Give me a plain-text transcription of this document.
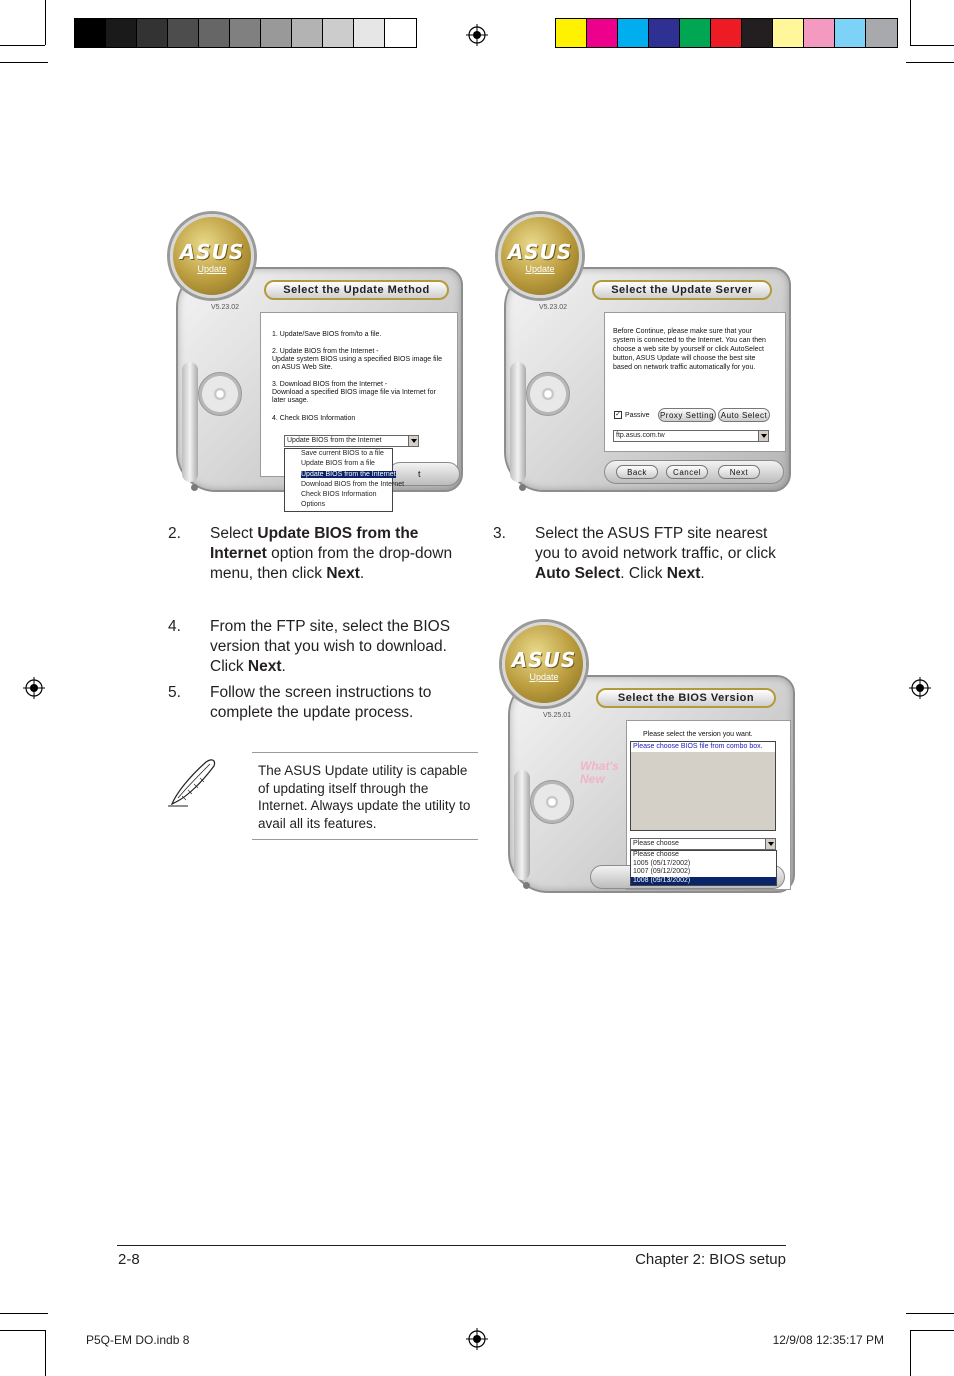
ASUS
Update
V5.23.02
Select the Update Method
1. Update/Save BIOS from/to a file.
2. Update BIOS from the Internet -
Update system BIOS using a specified BIOS image file
on ASUS Web Site.
3. Download BIOS from the Internet -
Download a specified BIOS image file via Internet for
later usage.
4. Check BIOS Information
t
Update BIOS from the Internet
Save current BIOS to a file
Update BIOS from a file
Update BIOS from the Internet
Download BIOS from the Internet
Check BIOS Information
Options
ASUS
Update
V5.23.02
Select the Update Server
Before Continue, please make sure that your
system is connected to the Internet. You can then
choose a web site by yourself or click AutoSelect
button, ASUS Update will choose the best site
based on network traffic automatically for you.
✓ Passive Proxy Setting Auto Select
ftp.asus.com.tw
Back	Cancel	Next
ASUS
Update
V5.25.01
Select the BIOS Version
What's New
Please select the version you want.
Please choose BIOS file from combo box.
Please choose
Please choose
1005 (05/17/2002)
1007 (09/12/2002)
1008 (09/13/2002)
2. Select Update BIOS from the Internet option from the drop-down menu, then click Next.
3. Select the ASUS FTP site nearest you to avoid network traffic, or click Auto Select. Click Next.
4. From the FTP site, select the BIOS version that you wish to download. Click Next.
5. Follow the screen instructions to complete the update process.
The ASUS Update utility is capable of updating itself through the Internet. Always update the utility to avail all its features.
2-8	Chapter 2: BIOS setup
P5Q-EM DO.indb 8	12/9/08 12:35:17 PM
